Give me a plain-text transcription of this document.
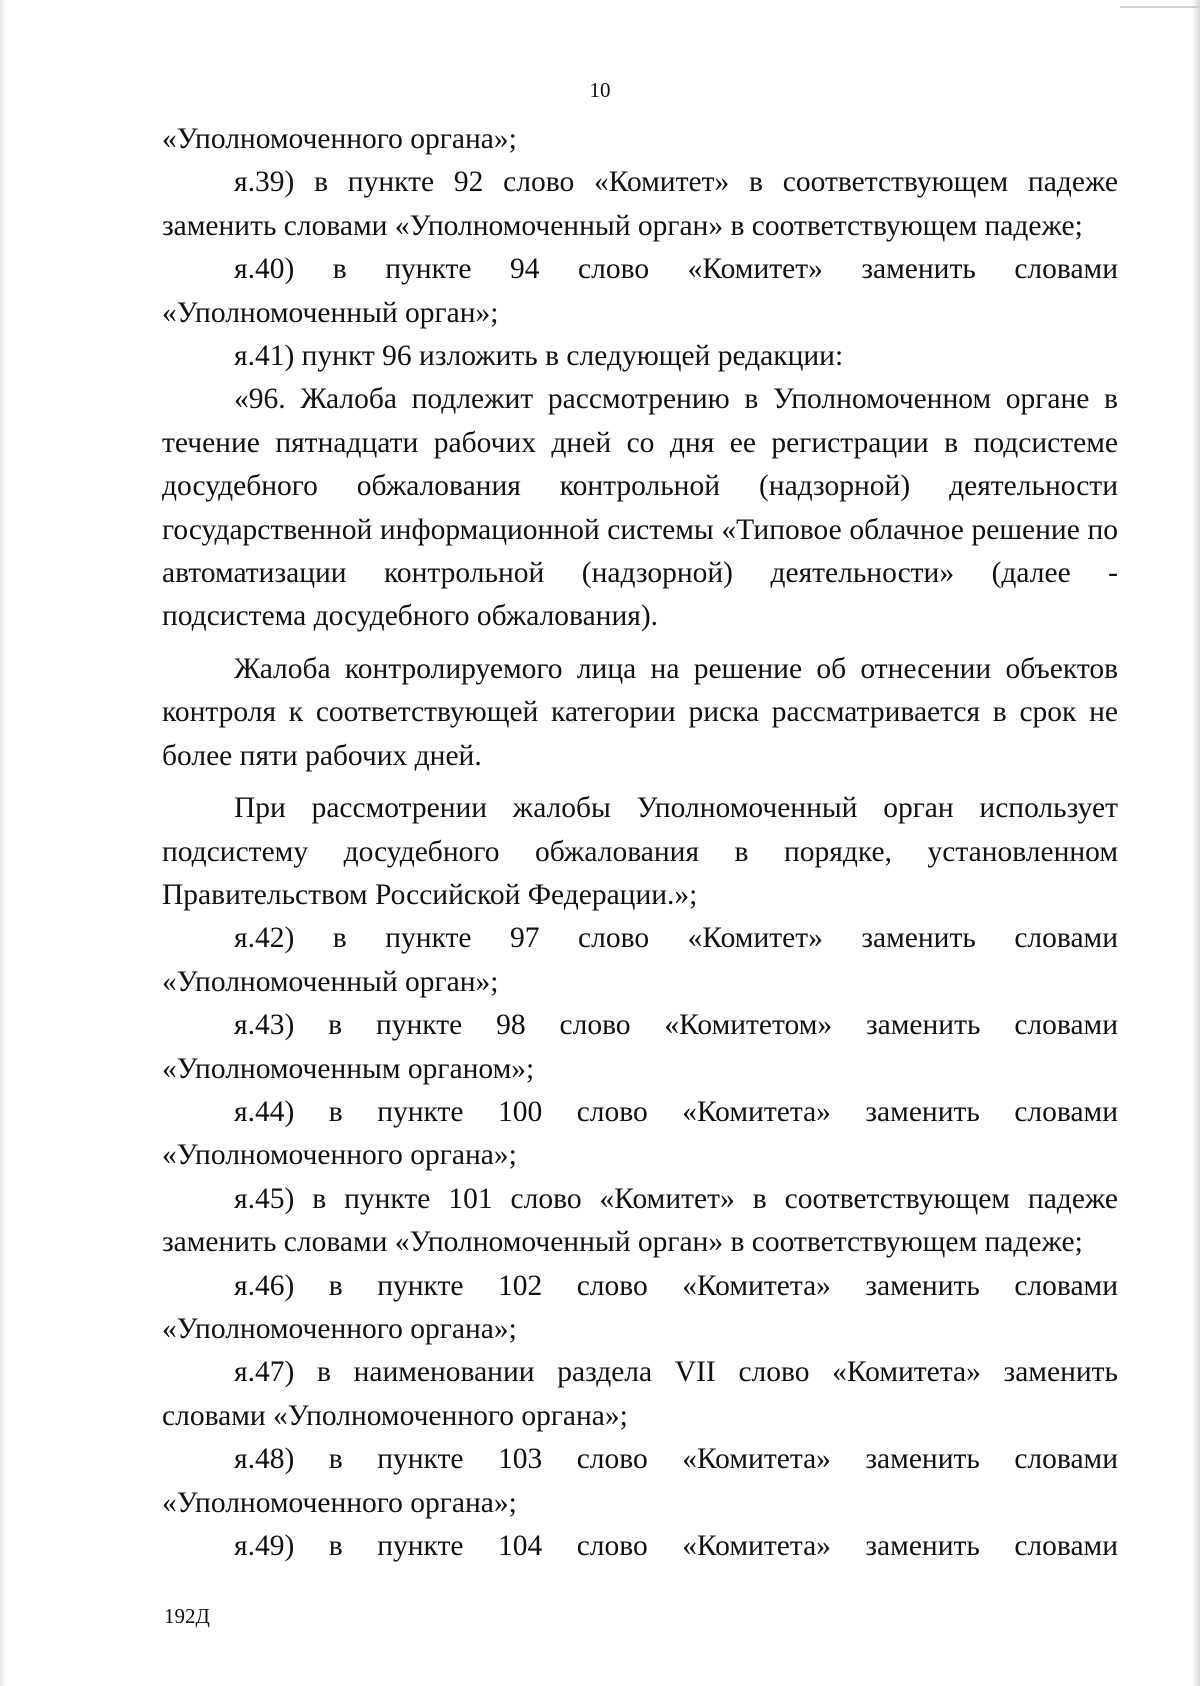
10

«Уполномоченного органа»;

я.39) в пункте 92 слово «Комитет» в соответствующем падеже заменить словами «Уполномоченный орган» в соответствующем падеже;

я.40) в пункте 94 слово «Комитет» заменить словами «Уполномоченный орган»;

я.41) пункт 96 изложить в следующей редакции:

«96. Жалоба подлежит рассмотрению в Уполномоченном органе в течение пятнадцати рабочих дней со дня ее регистрации в подсистеме досудебного обжалования контрольной (надзорной) деятельности государственной информационной системы «Типовое облачное решение по автоматизации контрольной (надзорной) деятельности» (далее - подсистема досудебного обжалования).

Жалоба контролируемого лица на решение об отнесении объектов контроля к соответствующей категории риска рассматривается в срок не более пяти рабочих дней.

При рассмотрении жалобы Уполномоченный орган использует подсистему досудебного обжалования в порядке, установленном Правительством Российской Федерации.»;

я.42) в пункте 97 слово «Комитет» заменить словами «Уполномоченный орган»;

я.43) в пункте 98 слово «Комитетом» заменить словами «Уполномоченным органом»;

я.44) в пункте 100 слово «Комитета» заменить словами «Уполномоченного органа»;

я.45) в пункте 101 слово «Комитет» в соответствующем падеже заменить словами «Уполномоченный орган» в соответствующем падеже;

я.46) в пункте 102 слово «Комитета» заменить словами «Уполномоченного органа»;

я.47) в наименовании раздела VII слово «Комитета» заменить словами «Уполномоченного органа»;

я.48) в пункте 103 слово «Комитета» заменить словами «Уполномоченного органа»;

я.49) в пункте 104 слово «Комитета» заменить словами

192Д
